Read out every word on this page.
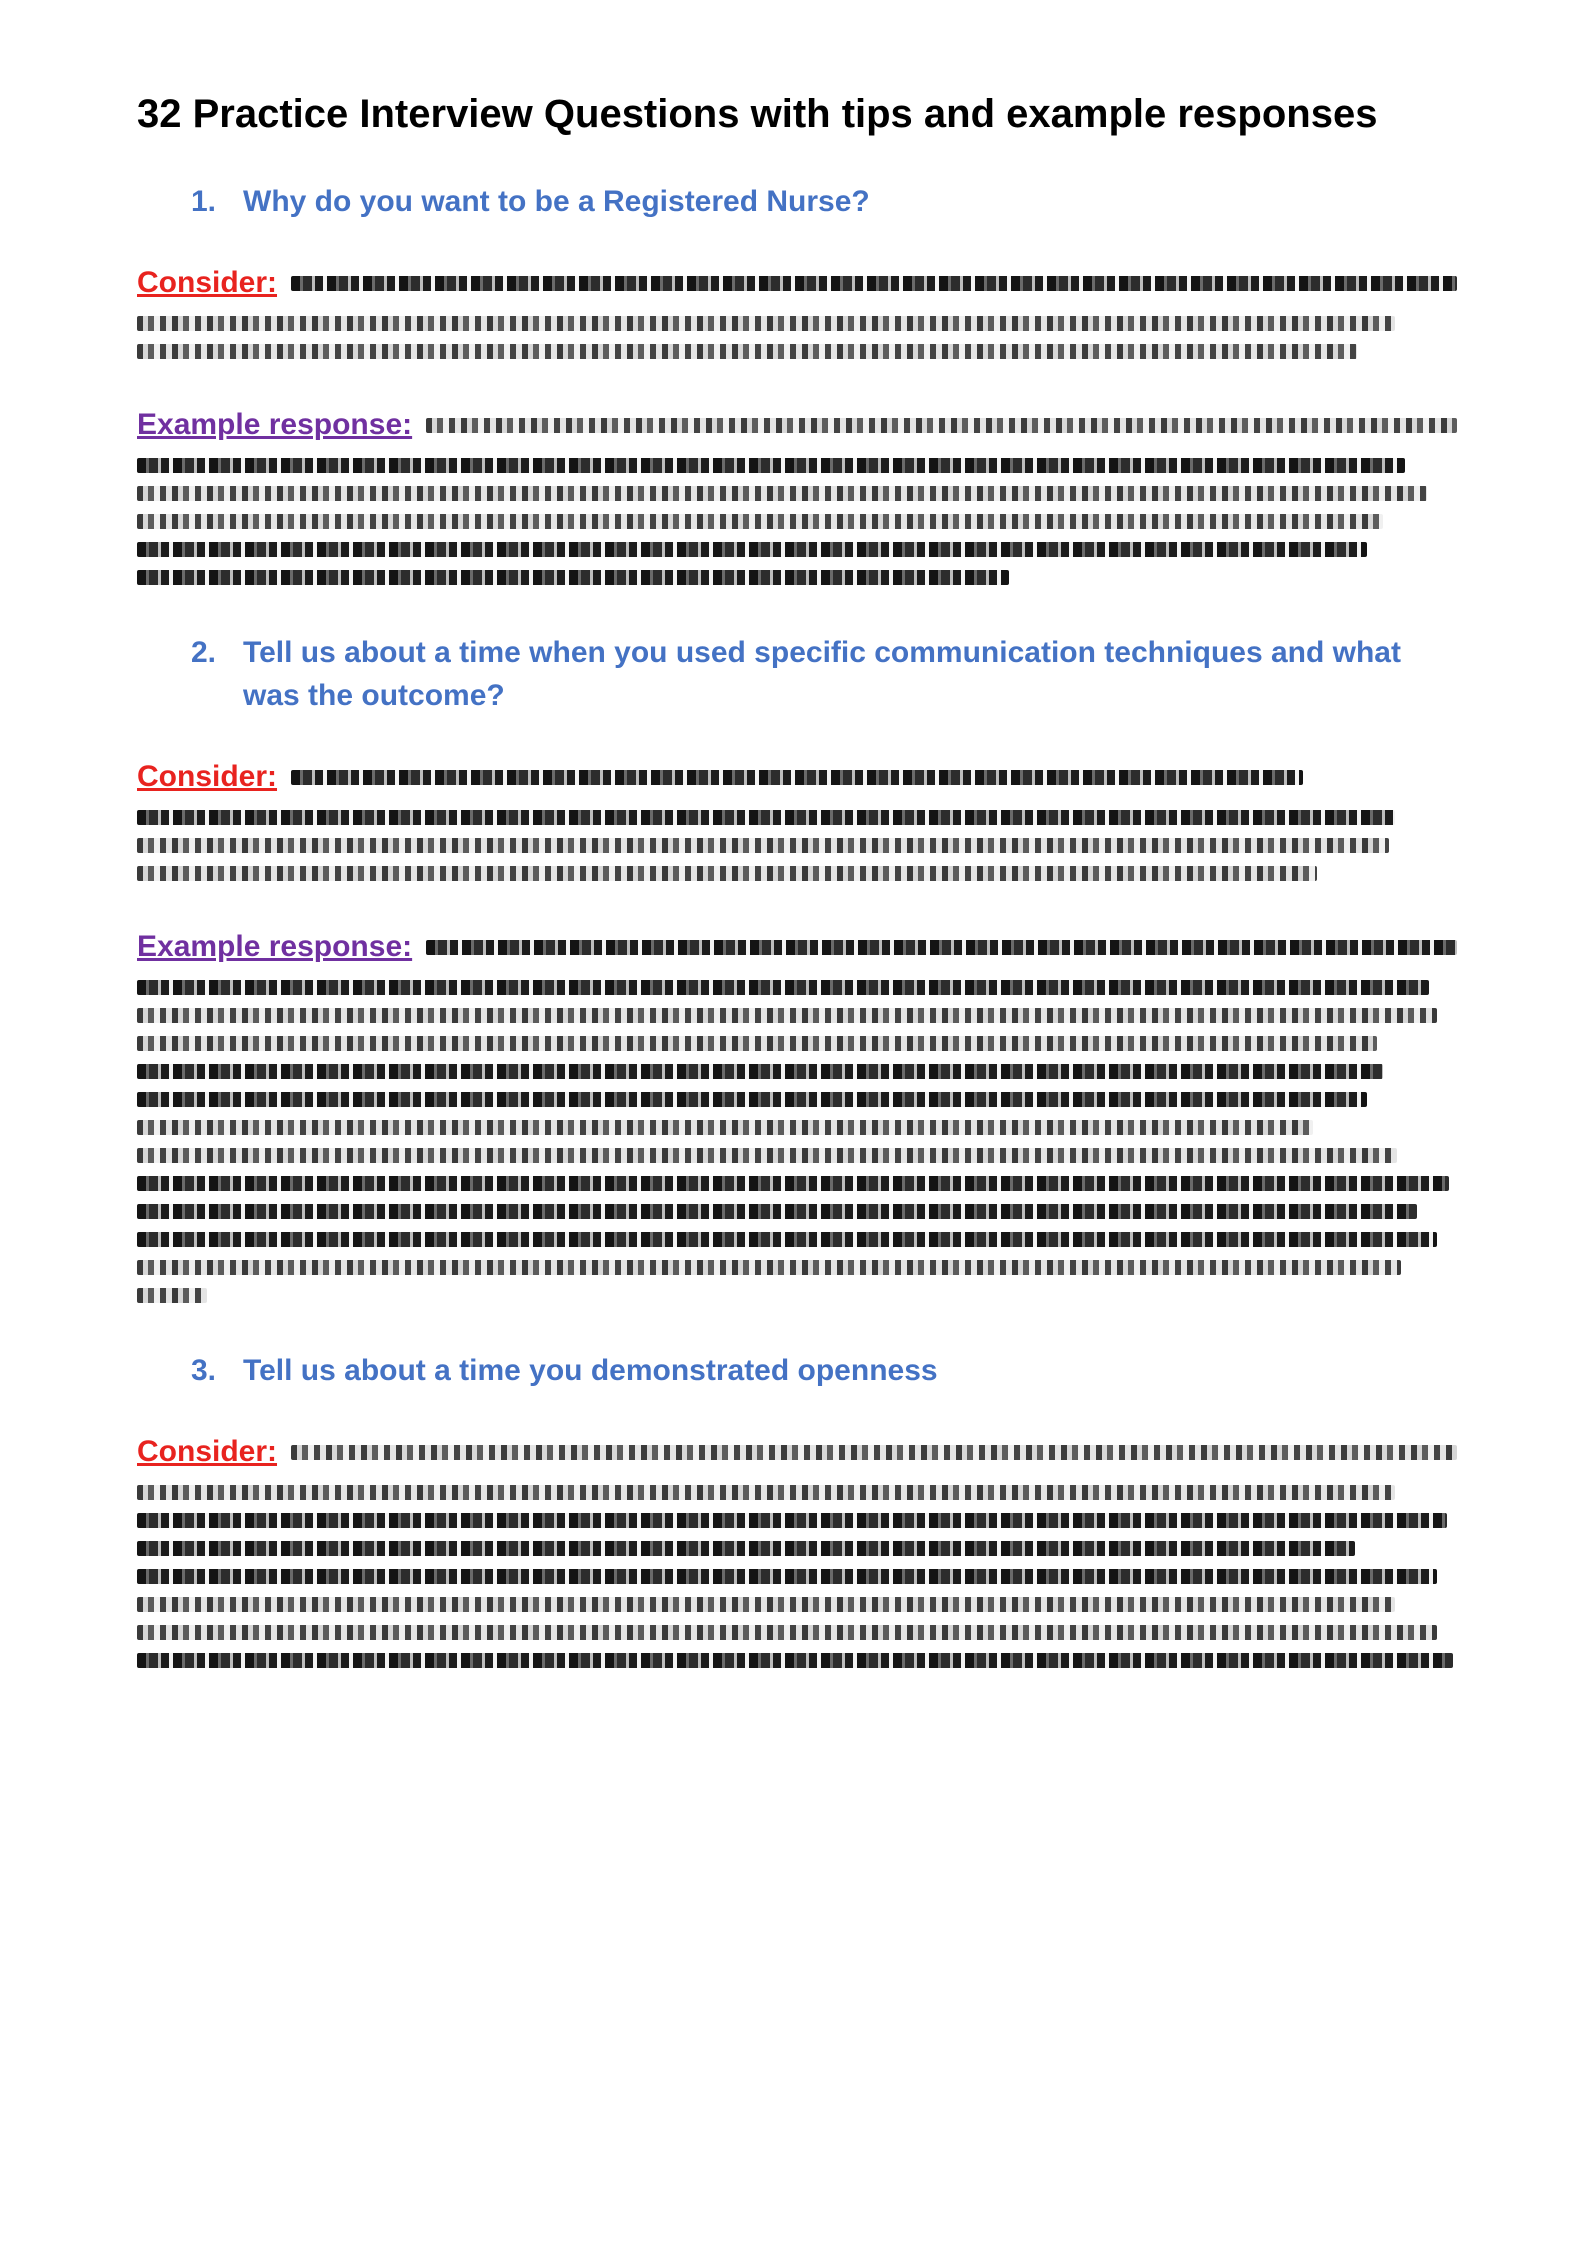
32 Practice Interview Questions with tips and example responses
1. Why do you want to be a Registered Nurse?
Consider:
Example response:
2. Tell us about a time when you used specific communication techniques and what was the outcome?
Consider:
Example response:
3. Tell us about a time you demonstrated openness
Consider:
